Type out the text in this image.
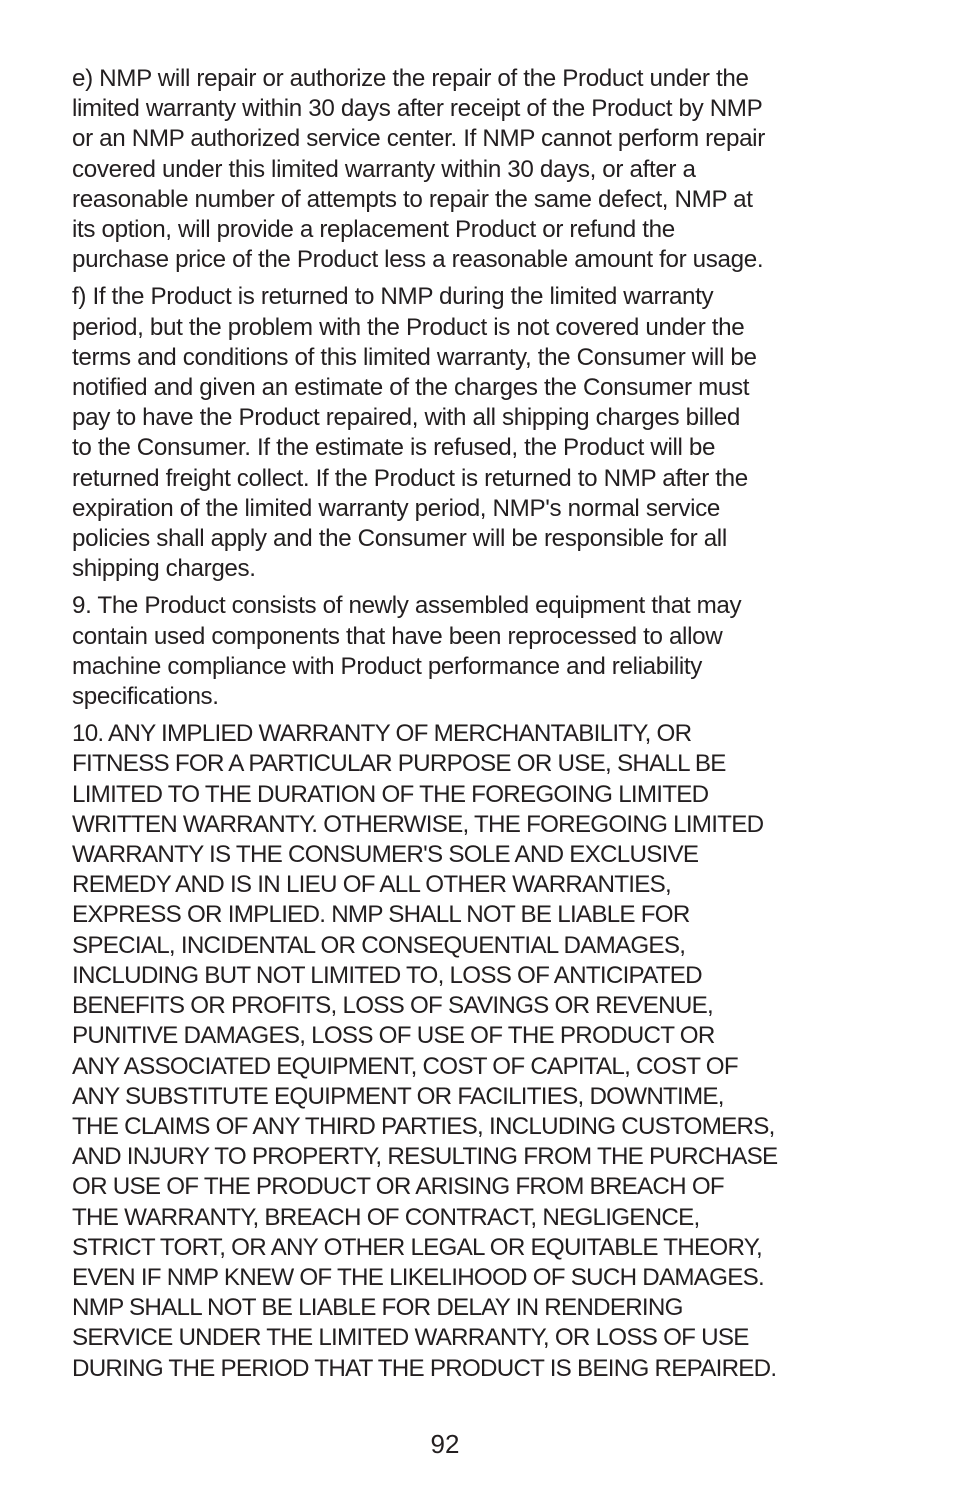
e) NMP will repair or authorize the repair of the Product under the
limited warranty within 30 days after receipt of the Product by NMP
or an NMP authorized service center. If NMP cannot perform repair
covered under this limited warranty within 30 days, or after a
reasonable number of attempts to repair the same defect, NMP at
its option, will provide a replacement Product or refund the
purchase price of the Product less a reasonable amount for usage.
f) If the Product is returned to NMP during the limited warranty
period, but the problem with the Product is not covered under the
terms and conditions of this limited warranty, the Consumer will be
notified and given an estimate of the charges the Consumer must
pay to have the Product repaired, with all shipping charges billed
to the Consumer. If the estimate is refused, the Product will be
returned freight collect. If the Product is returned to NMP after the
expiration of the limited warranty period, NMP's normal service
policies shall apply and the Consumer will be responsible for all
shipping charges.
9. The Product consists of newly assembled equipment that may
contain used components that have been reprocessed to allow
machine compliance with Product performance and reliability
specifications.
10. ANY IMPLIED WARRANTY OF MERCHANTABILITY, OR
FITNESS FOR A PARTICULAR PURPOSE OR USE, SHALL BE
LIMITED TO THE DURATION OF THE FOREGOING LIMITED
WRITTEN WARRANTY. OTHERWISE, THE FOREGOING LIMITED
WARRANTY IS THE CONSUMER'S SOLE AND EXCLUSIVE
REMEDY AND IS IN LIEU OF ALL OTHER WARRANTIES,
EXPRESS OR IMPLIED. NMP SHALL NOT BE LIABLE FOR
SPECIAL, INCIDENTAL OR CONSEQUENTIAL DAMAGES,
INCLUDING BUT NOT LIMITED TO, LOSS OF ANTICIPATED
BENEFITS OR PROFITS, LOSS OF SAVINGS OR REVENUE,
PUNITIVE DAMAGES, LOSS OF USE OF THE PRODUCT OR
ANY ASSOCIATED EQUIPMENT, COST OF CAPITAL, COST OF
ANY SUBSTITUTE EQUIPMENT OR FACILITIES, DOWNTIME,
THE CLAIMS OF ANY THIRD PARTIES, INCLUDING CUSTOMERS,
AND INJURY TO PROPERTY, RESULTING FROM THE PURCHASE
OR USE OF THE PRODUCT OR ARISING FROM BREACH OF
THE WARRANTY, BREACH OF CONTRACT, NEGLIGENCE,
STRICT TORT, OR ANY OTHER LEGAL OR EQUITABLE THEORY,
EVEN IF NMP KNEW OF THE LIKELIHOOD OF SUCH DAMAGES.
NMP SHALL NOT BE LIABLE FOR DELAY IN RENDERING
SERVICE UNDER THE LIMITED WARRANTY, OR LOSS OF USE
DURING THE PERIOD THAT THE PRODUCT IS BEING REPAIRED.
92
